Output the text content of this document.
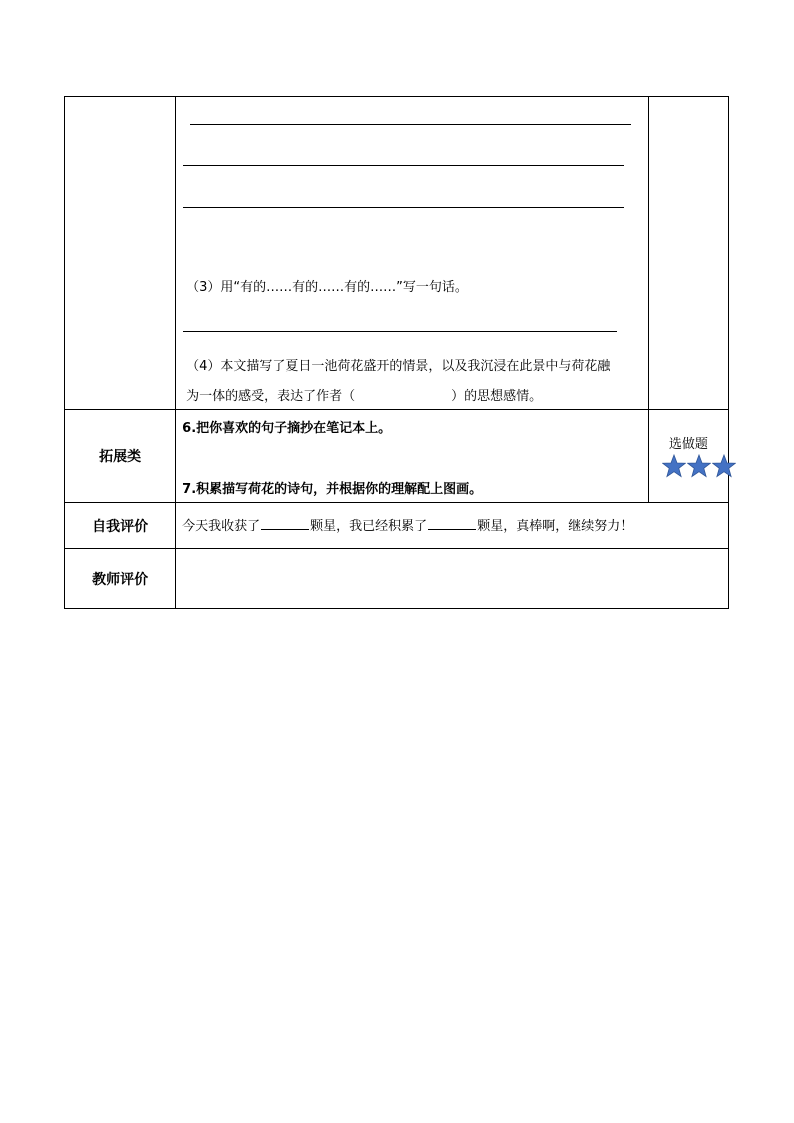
	（3）用“有的……有的……有的……”写一句话。
（4）本文描写了夏日一池荷花盛开的情景，以及我沉浸在此景中与荷花融
为一体的感受，表达了作者（ ）的思想感情。	

拓展类	6.把你喜欢的句子摘抄在笔记本上。
7.积累描写荷花的诗句，并根据你的理解配上图画。	选做题

自我评价	今天我收获了 颗星，我已经积累了 颗星，真棒啊，继续努力！	

教师评价		
